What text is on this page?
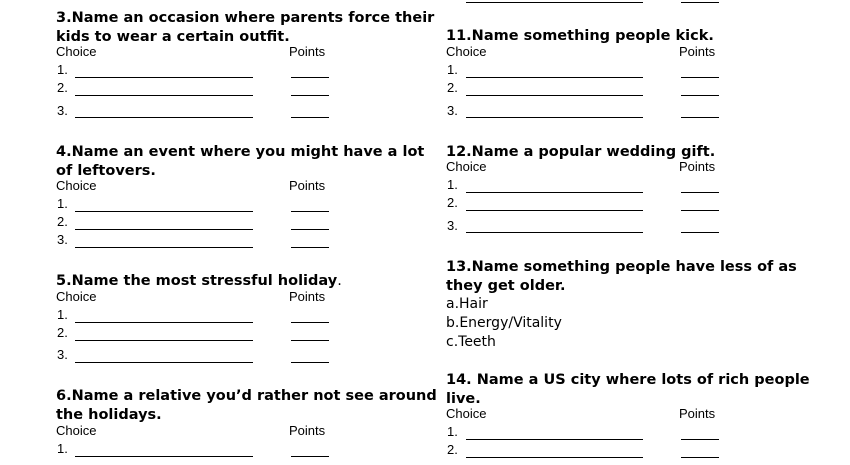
3.Name an occasion where parents force their
kids to wear a certain outfit.
Choice	Points
1.
2.
3.
4.Name an event where you might have a lot
of leftovers.
Choice	Points
1.
2.
3.
5.Name the most stressful holiday.
Choice	Points
1.
2.
3.
6.Name a relative you’d rather not see around
the holidays.
Choice	Points
1.
11.Name something people kick.
Choice	Points
1.
2.
3.
12.Name a popular wedding gift.
Choice	Points
1.
2.
3.
13.Name something people have less of as
they get older.
a.Hair
b.Energy/Vitality
c.Teeth
14. Name a US city where lots of rich people
live.
Choice	Points
1.
2.
